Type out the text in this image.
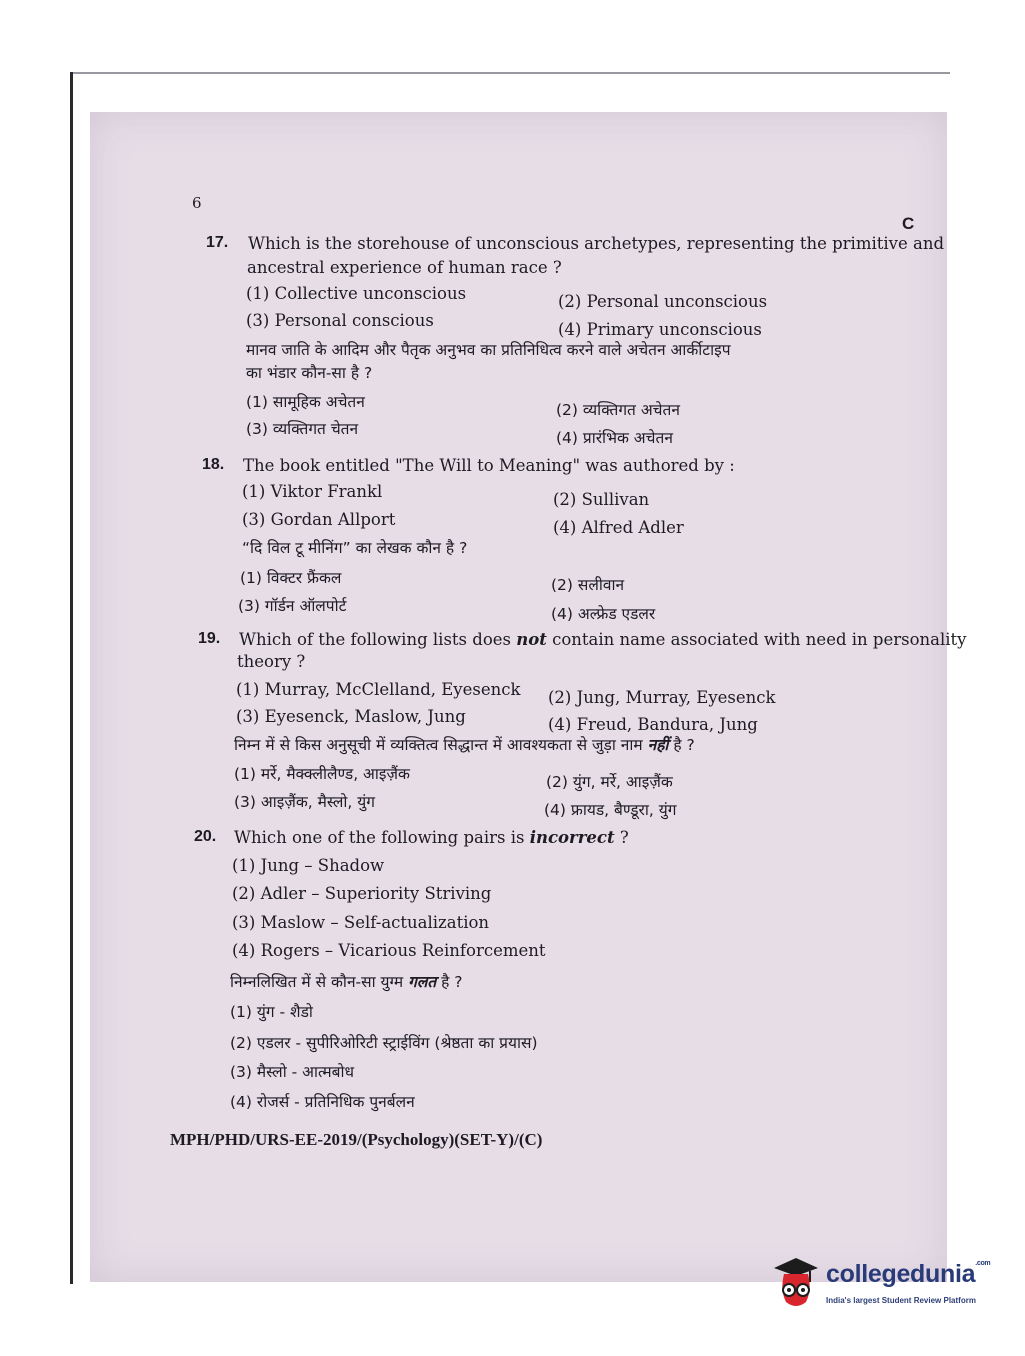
6
C
17. Which is the storehouse of unconscious archetypes, representing the primitive and
ancestral experience of human race ?
(1) Collective unconscious	(2) Personal unconscious
(3) Personal conscious	(4) Primary unconscious
मानव जाति के आदिम और पैतृक अनुभव का प्रतिनिधित्व करने वाले अचेतन आर्कीटाइप
का भंडार कौन-सा है ?
(1) सामूहिक अचेतन	(2) व्यक्तिगत अचेतन
(3) व्यक्तिगत चेतन	(4) प्रारंभिक अचेतन
18. The book entitled "The Will to Meaning" was authored by :
(1) Viktor Frankl	(2) Sullivan
(3) Gordan Allport	(4) Alfred Adler
“दि विल टू मीनिंग” का लेखक कौन है ?
(1) विक्टर फ्रैंकल	(2) सलीवान
(3) गॉर्डन ऑलपोर्ट	(4) अल्फ्रेड एडलर
19. Which of the following lists does not contain name associated with need in personality
theory ?
(1) Murray, McClelland, Eyesenck (2) Jung, Murray, Eyesenck
(3) Eyesenck, Maslow, Jung	(4) Freud, Bandura, Jung
निम्न में से किस अनुसूची में व्यक्तित्व सिद्धान्त में आवश्यकता से जुड़ा नाम नहीं है ?
(1) मर्रे, मैक्क्लीलैण्ड, आइज़ैंक	(2) युंग, मर्रे, आइज़ैंक
(3) आइज़ैंक, मैस्लो, युंग	(4) फ्रायड, बैण्डूरा, युंग
20. Which one of the following pairs is incorrect ?
(1) Jung – Shadow
(2) Adler – Superiority Striving
(3) Maslow – Self-actualization
(4) Rogers – Vicarious Reinforcement
निम्नलिखित में से कौन-सा युग्म गलत है ?
(1) युंग - शैडो
(2) एडलर - सुपीरिओरिटी स्ट्राईविंग (श्रेष्ठता का प्रयास)
(3) मैस्लो - आत्मबोध
(4) रोजर्स - प्रतिनिधिक पुनर्बलन
MPH/PHD/URS-EE-2019/(Psychology)(SET-Y)/(C)
collegedunia$^{.com}$
India's largest Student Review Platform
